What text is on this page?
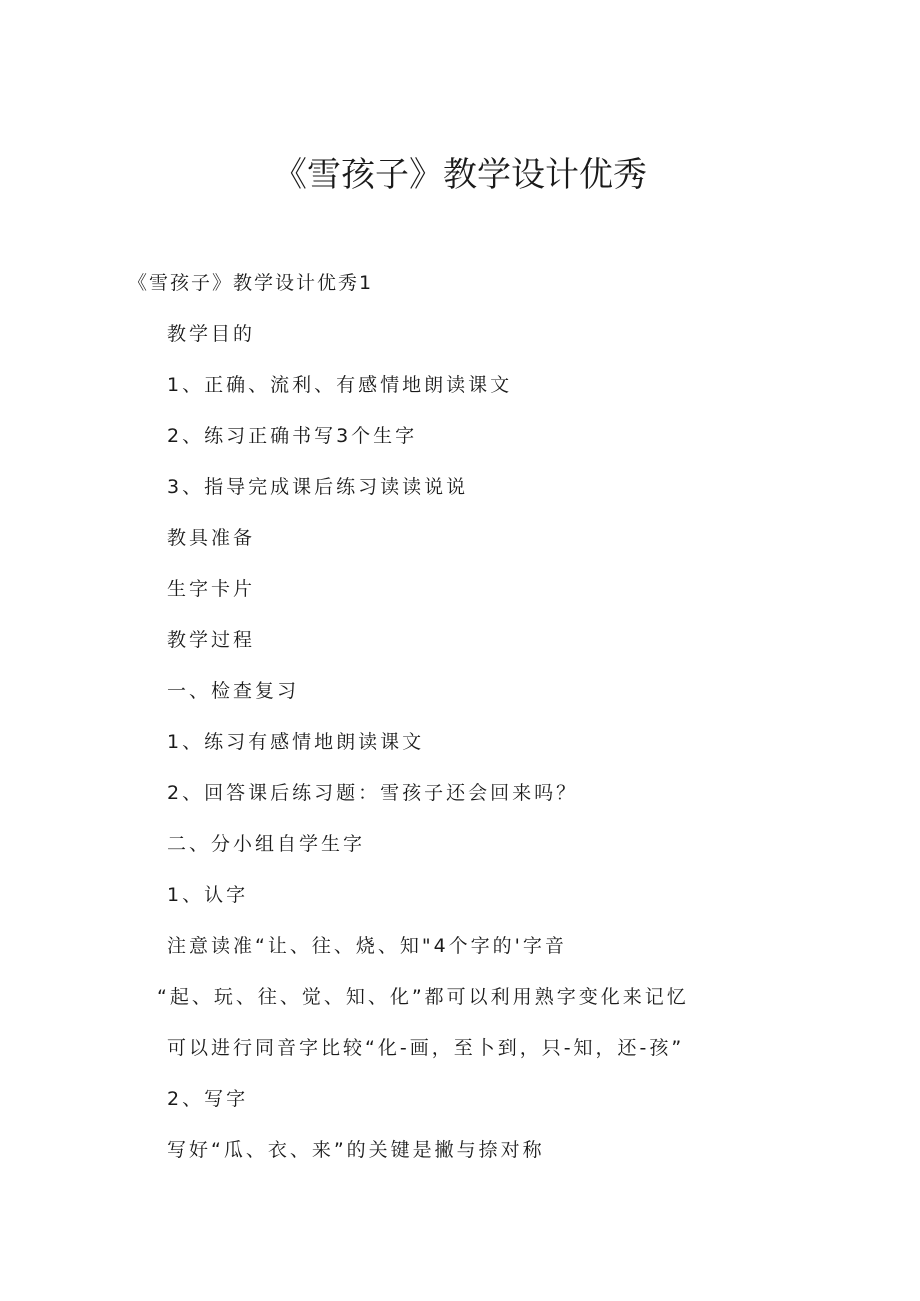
《雪孩子》教学设计优秀

《雪孩子》教学设计优秀1

教学目的
1、正确、流利、有感情地朗读课文
2、练习正确书写3个生字
3、指导完成课后练习读读说说
教具准备
生字卡片
教学过程
一、检查复习
1、练习有感情地朗读课文
2、回答课后练习题：雪孩子还会回来吗？
二、分小组自学生字
1、认字
注意读准“让、往、烧、知"4个字的'字音
“起、玩、往、觉、知、化”都可以利用熟字变化来记忆
可以进行同音字比较“化-画，至卜到，只-知，还-孩”
2、写字
写好“瓜、衣、来”的关键是撇与捺对称
